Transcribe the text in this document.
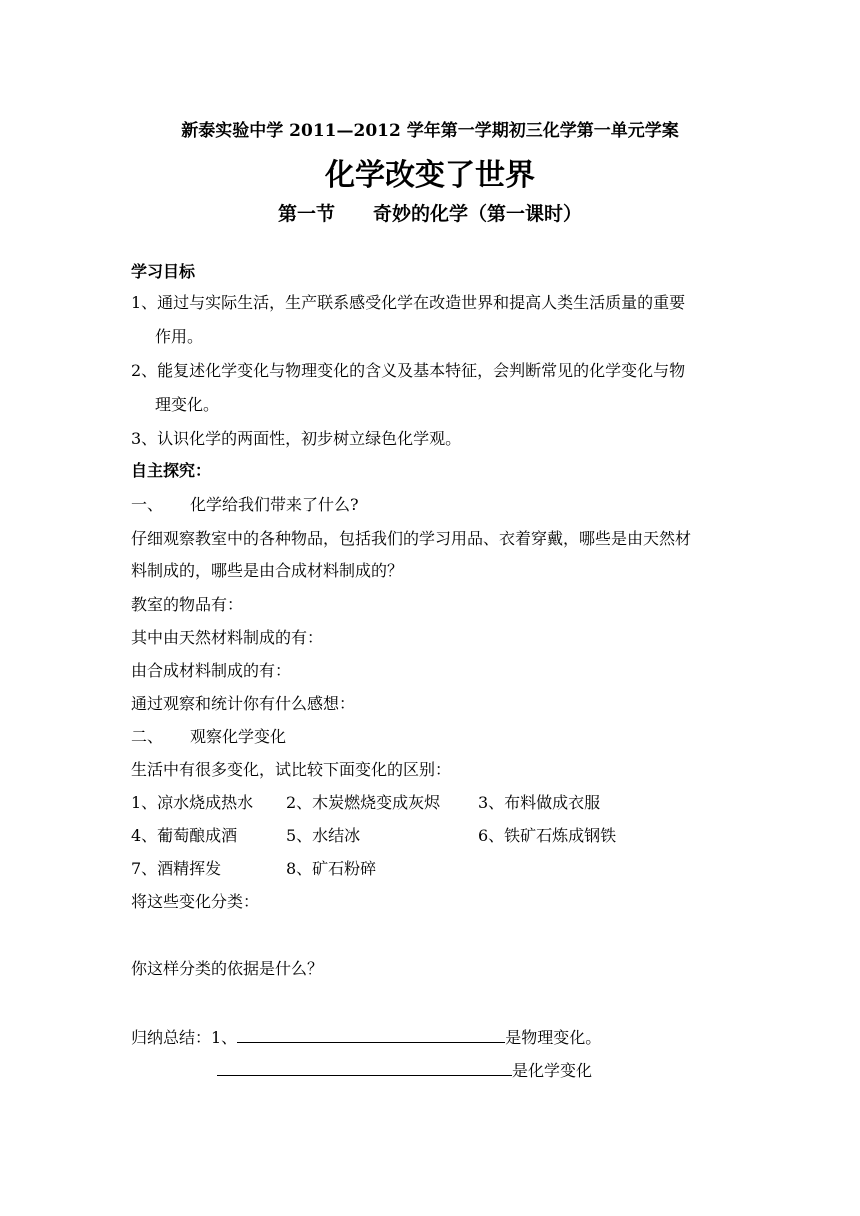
新泰实验中学 2011—2012 学年第一学期初三化学第一单元学案
化学改变了世界
第一节　　奇妙的化学（第一课时）
学习目标
1、通过与实际生活，生产联系感受化学在改造世界和提高人类生活质量的重要
作用。
2、能复述化学变化与物理变化的含义及基本特征，会判断常见的化学变化与物
理变化。
3、认识化学的两面性，初步树立绿色化学观。
自主探究：
一、 化学给我们带来了什么?
仔细观察教室中的各种物品，包括我们的学习用品、衣着穿戴，哪些是由天然材
料制成的，哪些是由合成材料制成的？
教室的物品有：
其中由天然材料制成的有：
由合成材料制成的有：
通过观察和统计你有什么感想：
二、 观察化学变化
生活中有很多变化，试比较下面变化的区别：
1、凉水烧成热水 2、木炭燃烧变成灰烬 3、布料做成衣服
4、葡萄酿成酒	5、水结冰	6、铁矿石炼成钢铁
7、酒精挥发	8、矿石粉碎
将这些变化分类：
你这样分类的依据是什么？
归纳总结：1、	是物理变化。
是化学变化
